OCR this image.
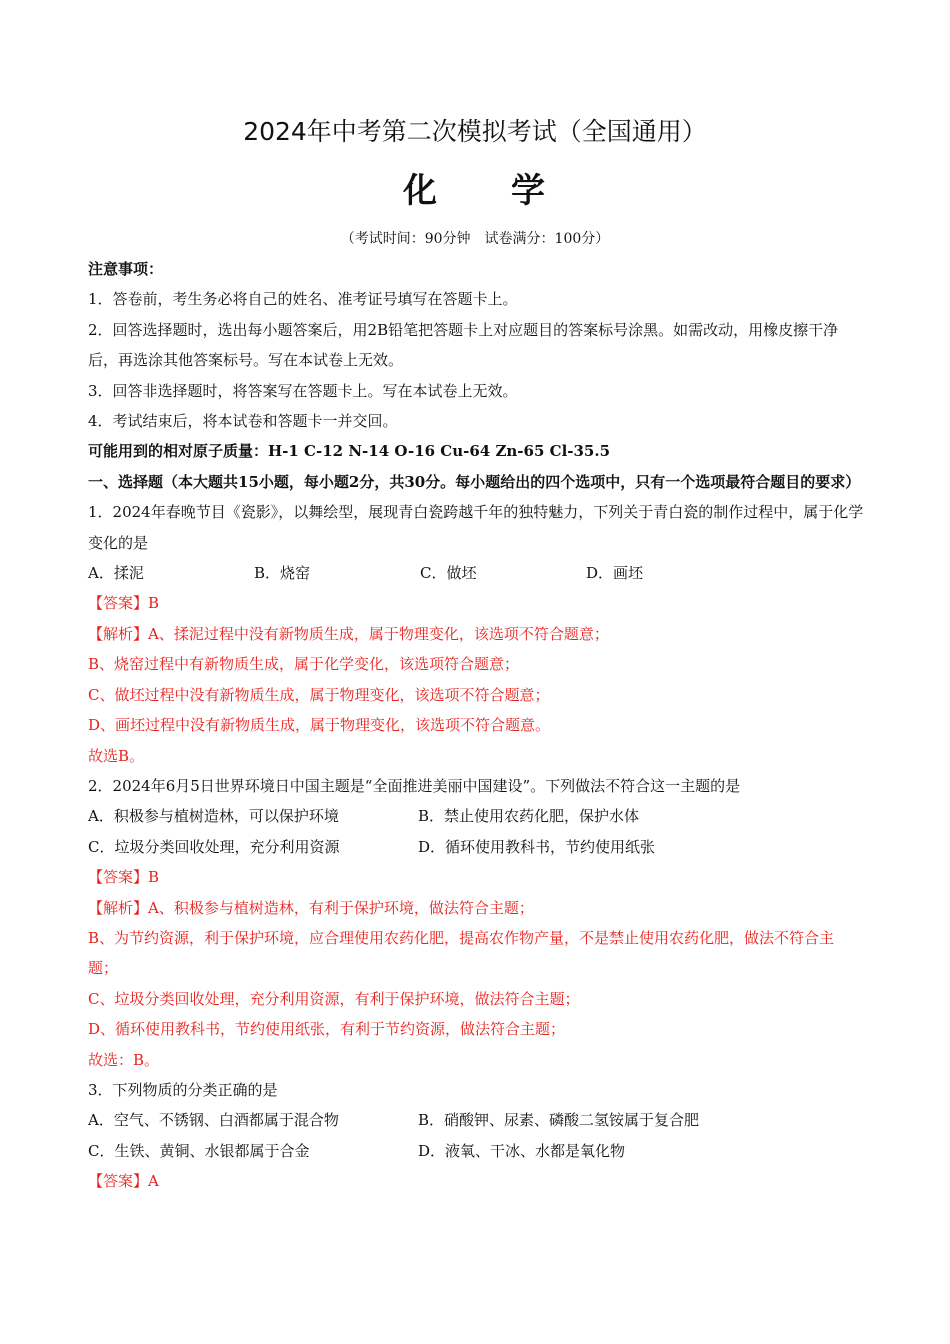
2024年中考第二次模拟考试（全国通用）
化　　学
（考试时间：90分钟　试卷满分：100分）
注意事项：
1．答卷前，考生务必将自己的姓名、准考证号填写在答题卡上。
2．回答选择题时，选出每小题答案后，用2B铅笔把答题卡上对应题目的答案标号涂黑。如需改动，用橡皮擦干净后，再选涂其他答案标号。写在本试卷上无效。
3．回答非选择题时，将答案写在答题卡上。写在本试卷上无效。
4．考试结束后，将本试卷和答题卡一并交回。
可能用到的相对原子质量：H-1 C-12 N-14 O-16 Cu-64 Zn-65 Cl-35.5
一、选择题（本大题共15小题，每小题2分，共30分。每小题给出的四个选项中，只有一个选项最符合题目的要求）
1．2024年春晚节目《瓷影》，以舞绘型，展现青白瓷跨越千年的独特魅力，下列关于青白瓷的制作过程中，属于化学变化的是
A．揉泥	B．烧窑	C．做坯	D．画坯
【答案】B
【解析】A、揉泥过程中没有新物质生成，属于物理变化，该选项不符合题意；
B、烧窑过程中有新物质生成，属于化学变化，该选项符合题意；
C、做坯过程中没有新物质生成，属于物理变化，该选项不符合题意；
D、画坯过程中没有新物质生成，属于物理变化，该选项不符合题意。
故选B。
2．2024年6月5日世界环境日中国主题是“全面推进美丽中国建设”。下列做法不符合这一主题的是
A．积极参与植树造林，可以保护环境	B．禁止使用农药化肥，保护水体
C．垃圾分类回收处理，充分利用资源	D．循环使用教科书，节约使用纸张
【答案】B
【解析】A、积极参与植树造林，有利于保护环境，做法符合主题；
B、为节约资源，利于保护环境，应合理使用农药化肥，提高农作物产量，不是禁止使用农药化肥，做法不符合主题；
C、垃圾分类回收处理，充分利用资源，有利于保护环境，做法符合主题；
D、循环使用教科书，节约使用纸张，有利于节约资源，做法符合主题；
故选：B。
3．下列物质的分类正确的是
A．空气、不锈钢、白酒都属于混合物	B．硝酸钾、尿素、磷酸二氢铵属于复合肥
C．生铁、黄铜、水银都属于合金	D．液氧、干冰、水都是氧化物
【答案】A
